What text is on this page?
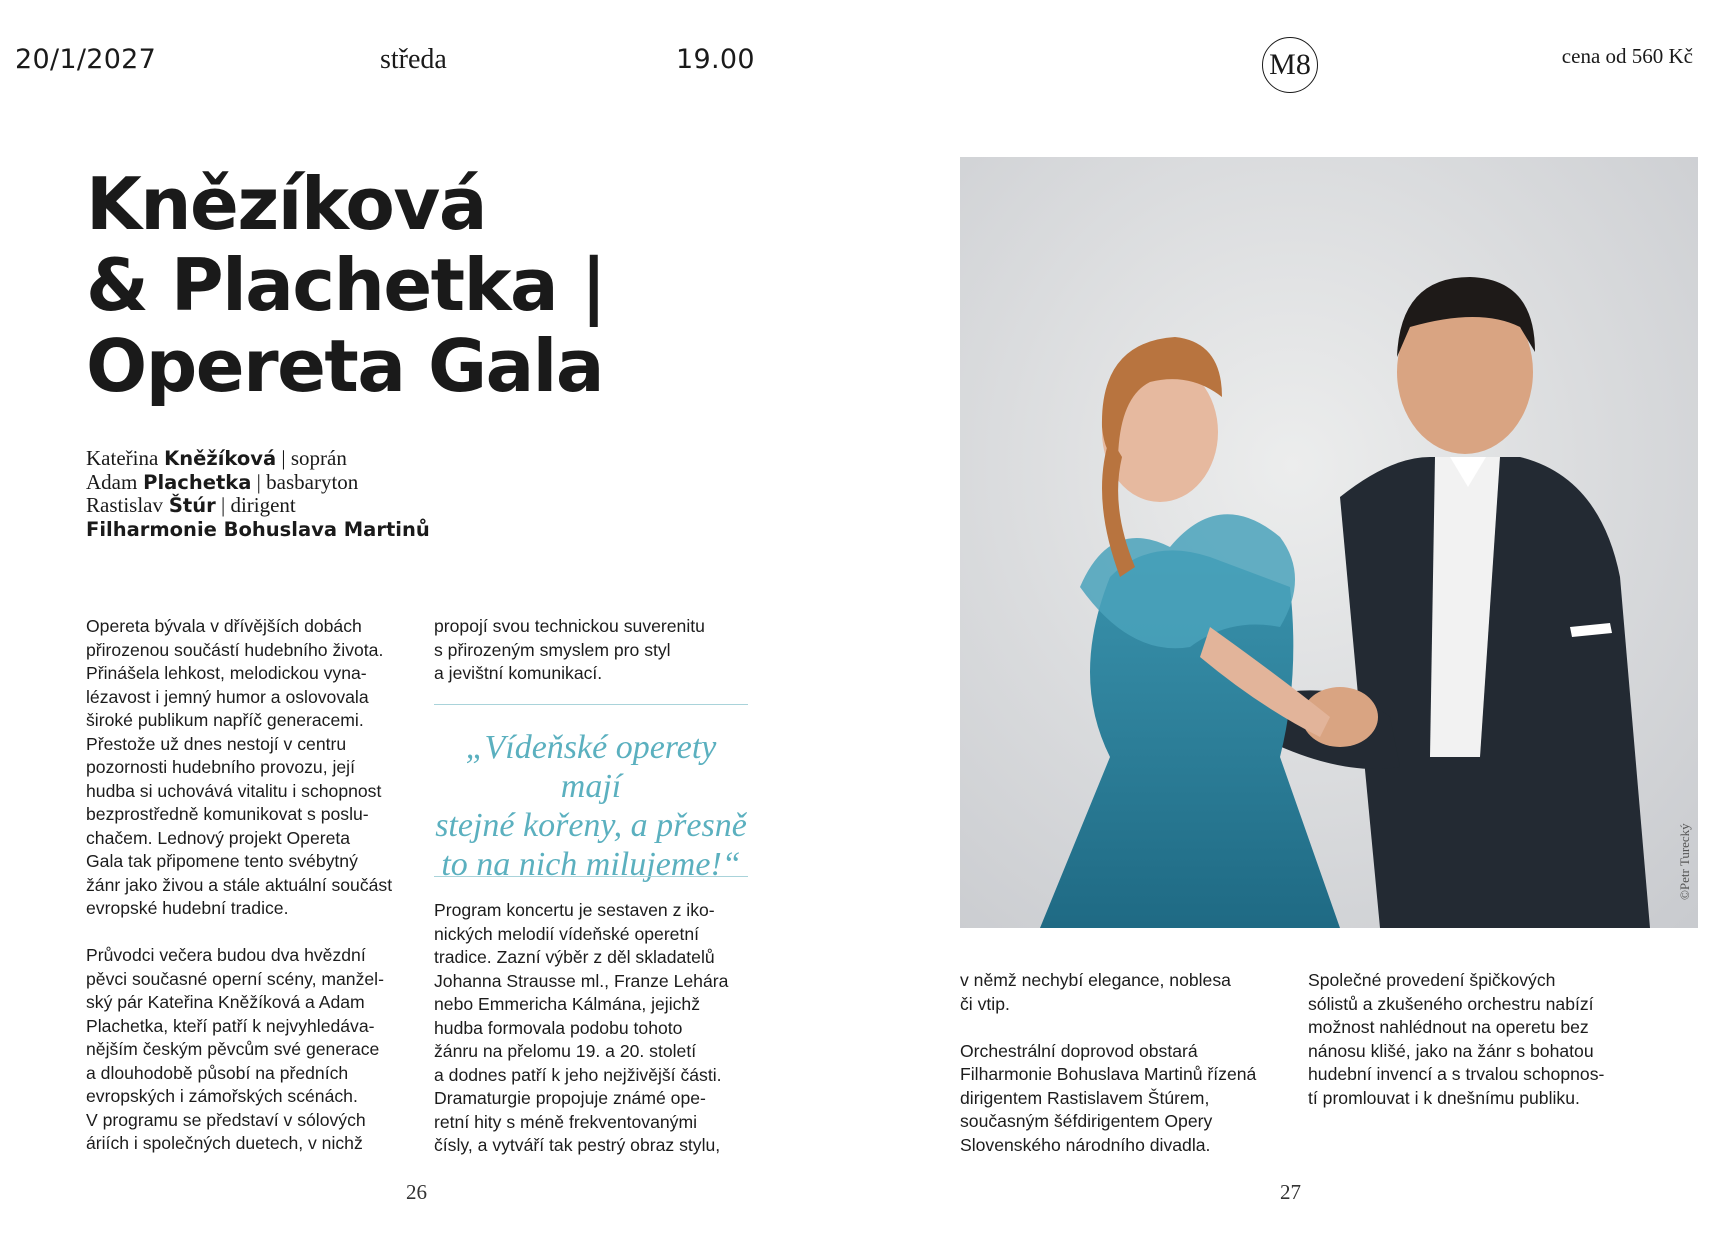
20/1/2027	středa	19.00	M8	cena od 560 Kč
Knězíková
& Plachetka |
Opereta Gala
Kateřina Kněžíková | soprán
Adam Plachetka | basbaryton
Rastislav Štúr | dirigent
Filharmonie Bohuslava Martinů

Opereta bývala v dřívějších dobách
přirozenou součástí hudebního života.
Přinášela lehkost, melodickou vyna-
lézavost i jemný humor a oslovovala
široké publikum napříč generacemi.
Přestože už dnes nestojí v centru
pozornosti hudebního provozu, její
hudba si uchovává vitalitu i schopnost
bezprostředně komunikovat s poslu-
chačem. Lednový projekt Opereta
Gala tak připomene tento svébytný
žánr jako živou a stále aktuální součást
evropské hudební tradice.

Průvodci večera budou dva hvězdní
pěvci současné operní scény, manžel-
ský pár Kateřina Kněžíková a Adam
Plachetka, kteří patří k nejvyhledáva-
nějším českým pěvcům své generace
a dlouhodobě působí na předních
evropských i zámořských scénách.
V programu se představí v sólových
áriích i společných duetech, v nichž

propojí svou technickou suverenitu
s přirozeným smyslem pro styl
a jevištní komunikací.

„Vídeňské operety mají
stejné kořeny, a přesně
to na nich milujeme!“

Program koncertu je sestaven z iko-
nických melodií vídeňské operetní
tradice. Zazní výběr z děl skladatelů
Johanna Strausse ml., Franze Lehára
nebo Emmericha Kálmána, jejichž
hudba formovala podobu tohoto
žánru na přelomu 19. a 20. století
a dodnes patří k jeho nejživější části.
Dramaturgie propojuje známé ope-
retní hity s méně frekventovanými
čísly, a vytváří tak pestrý obraz stylu,

©Petr Turecký

v němž nechybí elegance, noblesa
či vtip.

Orchestrální doprovod obstará
Filharmonie Bohuslava Martinů řízená
dirigentem Rastislavem Štúrem,
současným šéfdirigentem Opery
Slovenského národního divadla.

Společné provedení špičkových
sólistů a zkušeného orchestru nabízí
možnost nahlédnout na operetu bez
nánosu klišé, jako na žánr s bohatou
hudební invencí a s trvalou schopnos-
tí promlouvat i k dnešnímu publiku.

26	27
